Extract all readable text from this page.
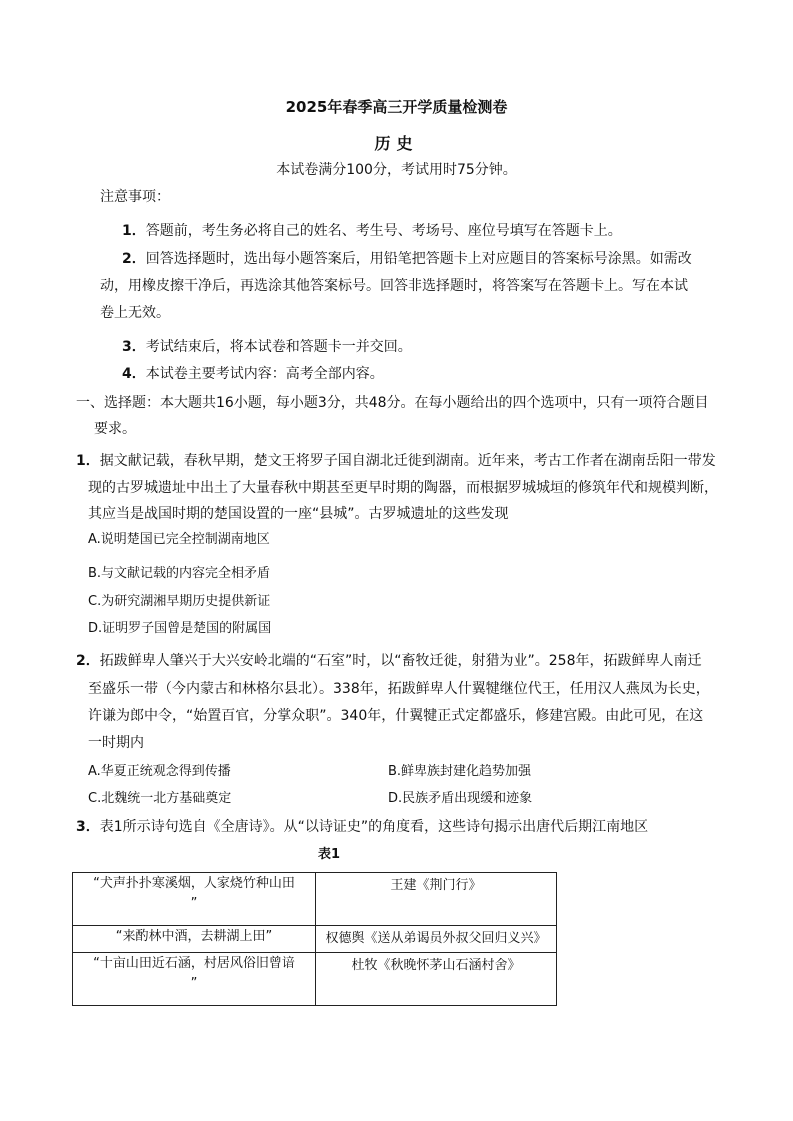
2025年春季高三开学质量检测卷
历史
本试卷满分100分，考试用时75分钟。
注意事项：
1．答题前，考生务必将自己的姓名、考生号、考场号、座位号填写在答题卡上。
2．回答选择题时，选出每小题答案后，用铅笔把答题卡上对应题目的答案标号涂黑。如需改
动，用橡皮擦干净后，再选涂其他答案标号。回答非选择题时，将答案写在答题卡上。写在本试
卷上无效。
3．考试结束后，将本试卷和答题卡一并交回。
4．本试卷主要考试内容：高考全部内容。
一、选择题：本大题共16小题，每小题3分，共48分。在每小题给出的四个选项中，只有一项符合题目
要求。
1．据文献记载，春秋早期，楚文王将罗子国自湖北迁徙到湖南。近年来，考古工作者在湖南岳阳一带发
现的古罗城遗址中出土了大量春秋中期甚至更早时期的陶器，而根据罗城城垣的修筑年代和规模判断，
其应当是战国时期的楚国设置的一座“县城”。古罗城遗址的这些发现
A.说明楚国已完全控制湖南地区
B.与文献记载的内容完全相矛盾
C.为研究湖湘早期历史提供新证
D.证明罗子国曾是楚国的附属国
2．拓跋鲜卑人肇兴于大兴安岭北端的“石室”时，以“畜牧迁徙，射猎为业”。258年，拓跋鲜卑人南迁
至盛乐一带（今内蒙古和林格尔县北）。338年，拓跋鲜卑人什翼犍继位代王，任用汉人燕凤为长史，
许谦为郎中令，“始置百官，分掌众职”。340年，什翼犍正式定都盛乐，修建宫殿。由此可见，在这
一时期内
A.华夏正统观念得到传播	B.鲜卑族封建化趋势加强
C.北魏统一北方基础奠定	D.民族矛盾出现缓和迹象
3．表1所示诗句选自《全唐诗》。从“以诗证史”的角度看，这些诗句揭示出唐代后期江南地区
表1
“犬声扑扑寒溪烟，人家烧竹种山田
”	王建《荆门行》

“来酌林中酒，去耕湖上田”	权德舆《送从弟谒员外叔父回归义兴》

“十亩山田近石涵，村居风俗旧曾谙
”	杜牧《秋晚怀茅山石涵村舍》
